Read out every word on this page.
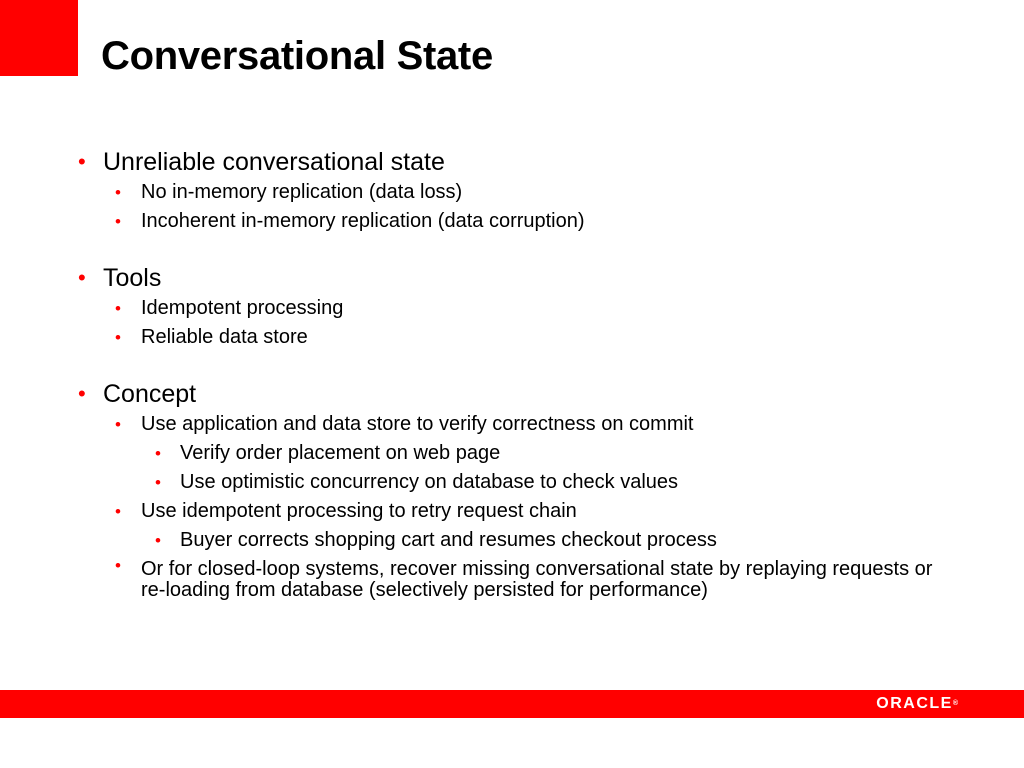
Conversational State
• Unreliable conversational state
• No in-memory replication (data loss)
• Incoherent in-memory replication (data corruption)
• Tools
• Idempotent processing
• Reliable data store
• Concept
• Use application and data store to verify correctness on commit
• Verify order placement on web page
• Use optimistic concurrency on database to check values
• Use idempotent processing to retry request chain
• Buyer corrects shopping cart and resumes checkout process
• Or for closed-loop systems, recover missing conversational state by replaying requests or re-loading from database (selectively persisted for performance)
ORACLE®
